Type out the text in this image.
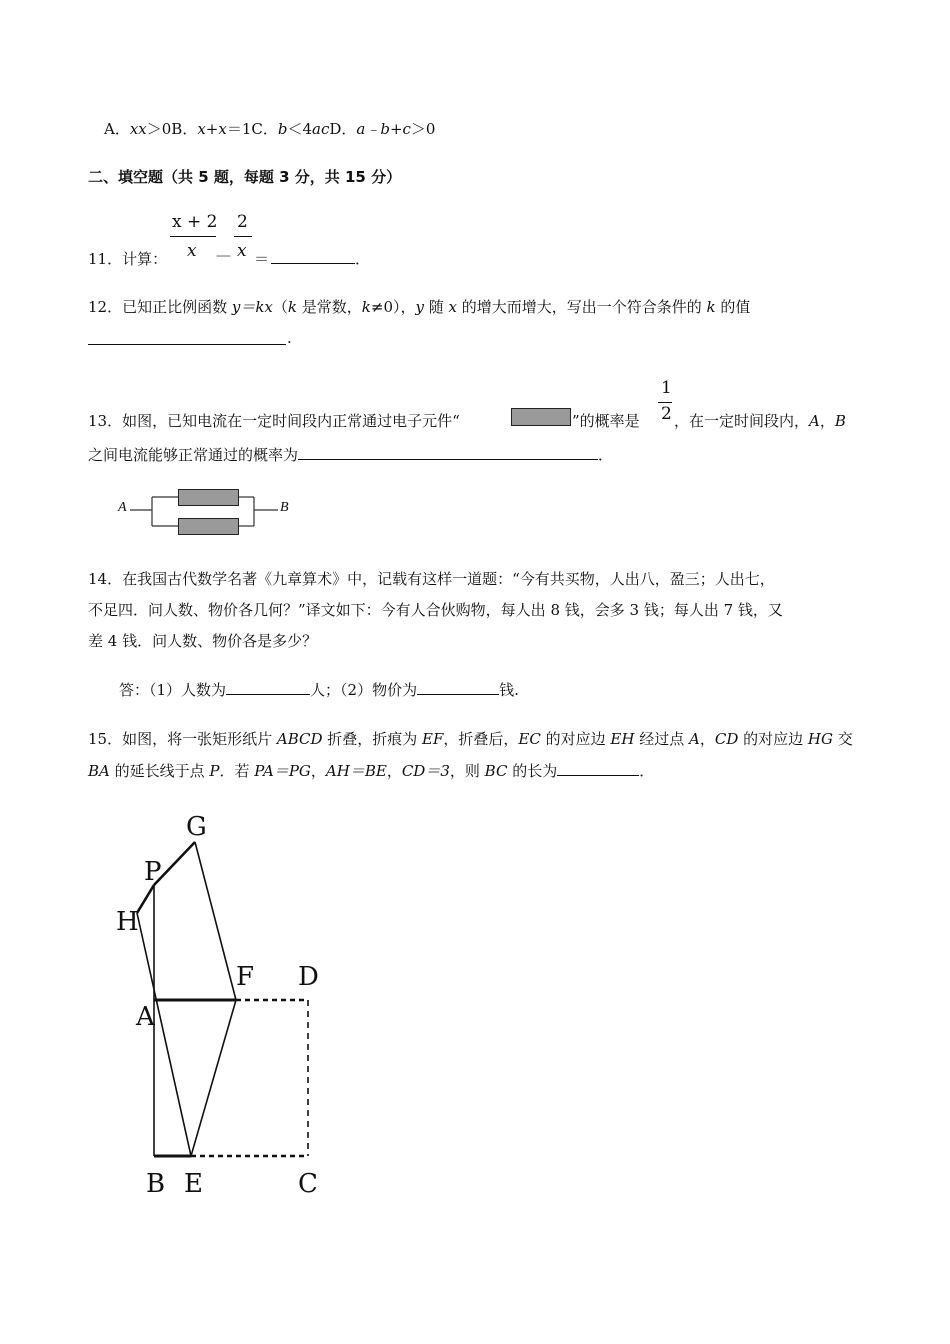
A．xx＞0B．x+x＝1C．b＜4acD．a﹣b+c＞0
二、填空题（共 5 题，每题 3 分，共 15 分）
x + 2
x
2
x
11．计算：	— ＝	．
12．已知正比例函数 y＝kx（k 是常数，k≠0），y 随 x 的增大而增大，写出一个符合条件的 k 的值
.
13．如图，已知电流在一定时间段内正常通过电子元件“	”的概率是
1
2 ，在一定时间段内，A，B
之间电流能够正常通过的概率为	．
A	B
14．在我国古代数学名著《九章算术》中，记载有这样一道题：“今有共买物，人出八，盈三；人出七，
不足四．问人数、物价各几何？”译文如下：今有人合伙购物，每人出 8 钱，会多 3 钱；每人出 7 钱，又
差 4 钱．问人数、物价各是多少？
答：（1）人数为	人；（2）物价为	钱.
15．如图，将一张矩形纸片 ABCD 折叠，折痕为 EF，折叠后，EC 的对应边 EH 经过点 A，CD 的对应边 HG 交
BA 的延长线于点 P．若 PA＝PG，AH＝BE，CD＝3，则 BC 的长为	．
G
P
H
A
F D
B E	C
